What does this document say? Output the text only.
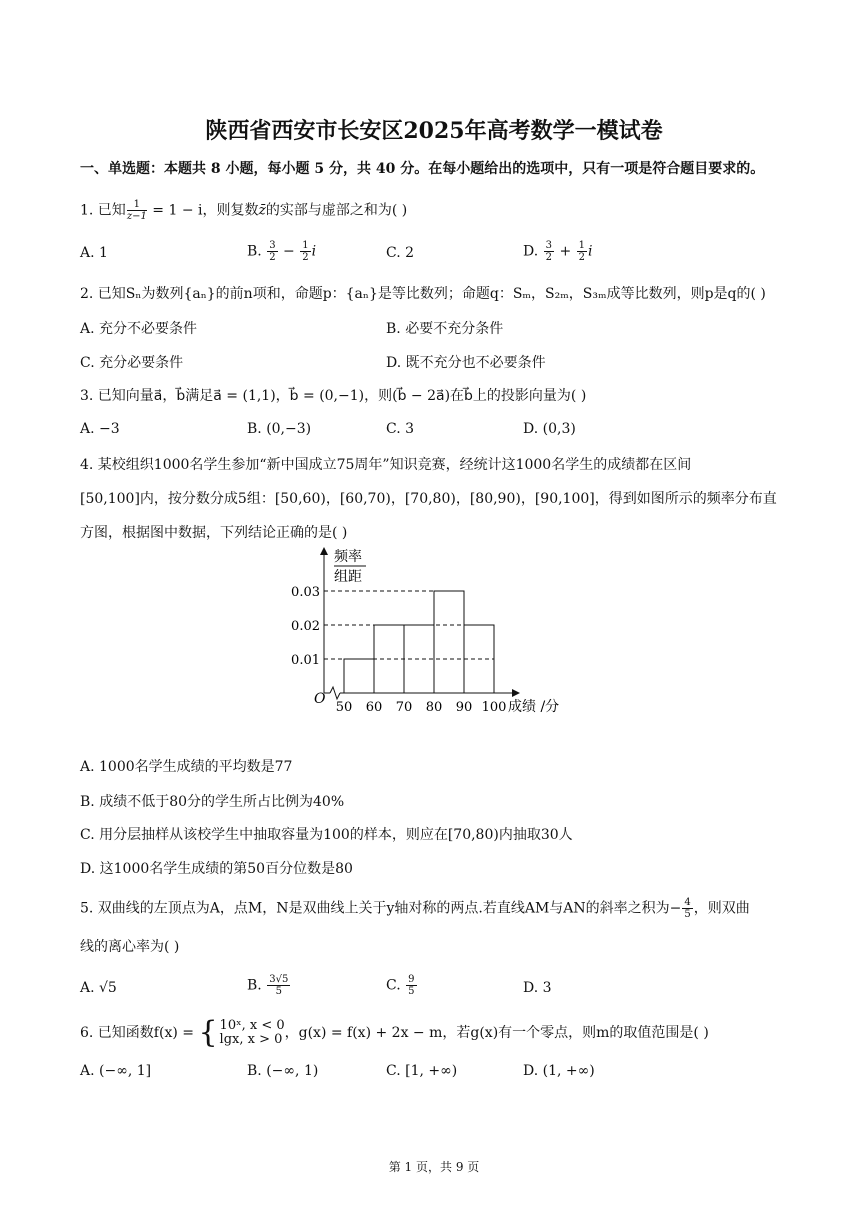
陕西省西安市长安区2025年高考数学一模试卷
一、单选题：本题共 8 小题，每小题 5 分，共 40 分。在每小题给出的选项中，只有一项是符合题目要求的。
1. 已知 $\frac{1}{z-1} = 1 - i$，则复数z̄的实部与虚部之和为( )
A. 1	B. $\frac{3}{2} - \frac{1}{2}$ i	C. 2	D. $\frac{3}{2} + \frac{1}{2}$ i
2. 已知Sₙ为数列{aₙ}的前n项和，命题p：{aₙ}是等比数列；命题q：Sₘ，S₂ₘ，S₃ₘ成等比数列，则p是q的( )
A. 充分不必要条件	B. 必要不充分条件
C. 充分必要条件	D. 既不充分也不必要条件
3. 已知向量a⃗，b⃗满足a⃗ = (1,1)，b⃗ = (0,−1)，则(b⃗ − 2a⃗)在b⃗上的投影向量为( )
A. −3	B. (0,−3)	C. 3	D. (0,3)
4. 某校组织1000名学生参加“新中国成立75周年”知识竞赛，经统计这1000名学生的成绩都在区间
[50,100]内，按分数分成5组：[50,60)，[60,70)，[70,80)，[80,90)，[90,100]，得到如图所示的频率分布直
方图，根据图中数据，下列结论正确的是( )
频率
组距
O	成绩 /分
0.01
0.02
0.03
50 60 70 80 90 100
A. 1000名学生成绩的平均数是77
B. 成绩不低于80分的学生所占比例为40%
C. 用分层抽样从该校学生中抽取容量为100的样本，则应在[70,80)内抽取30人
D. 这1000名学生成绩的第50百分位数是80
5. 双曲线的左顶点为A，点M，N是双曲线上关于y轴对称的两点.若直线AM与AN的斜率之积为− $\frac{4}{5}$ ，则双曲
线的离心率为( )
A. √5	B. $\frac{3√5}{5}$	C. $\frac{9}{5}$	D. 3
6. 已知函数f(x) = { 10ˣ, x < 0
lgx, x > 0 ，g(x) = f(x) + 2x − m，若g(x)有一个零点，则m的取值范围是( )
A. (−∞, 1]	B. (−∞, 1)	C. [1, +∞)	D. (1, +∞)
第 1 页，共 9 页
